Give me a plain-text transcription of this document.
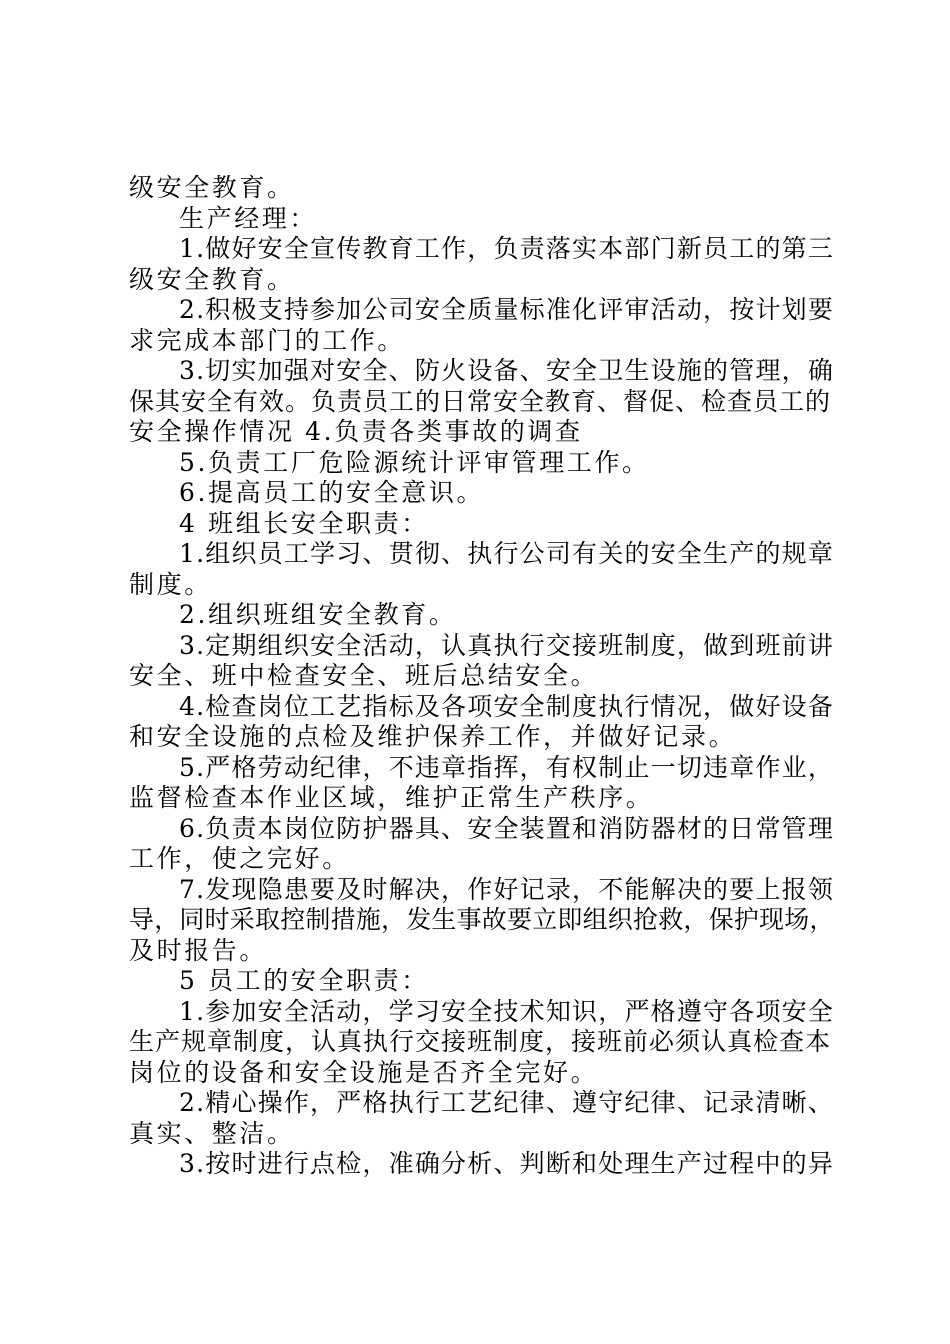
级安全教育。
生产经理：
1.做好安全宣传教育工作，负责落实本部门新员工的第三
级安全教育。
2.积极支持参加公司安全质量标准化评审活动，按计划要
求完成本部门的工作。
3.切实加强对安全、防火设备、安全卫生设施的管理，确
保其安全有效。负责员工的日常安全教育、督促、检查员工的
安全操作情况 4.负责各类事故的调查
5.负责工厂危险源统计评审管理工作。
6.提高员工的安全意识。
4 班组长安全职责：
1.组织员工学习、贯彻、执行公司有关的安全生产的规章
制度。
2.组织班组安全教育。
3.定期组织安全活动，认真执行交接班制度，做到班前讲
安全、班中检查安全、班后总结安全。
4.检查岗位工艺指标及各项安全制度执行情况，做好设备
和安全设施的点检及维护保养工作，并做好记录。
5.严格劳动纪律，不违章指挥，有权制止一切违章作业，
监督检查本作业区域，维护正常生产秩序。
6.负责本岗位防护器具、安全装置和消防器材的日常管理
工作，使之完好。
7.发现隐患要及时解决，作好记录，不能解决的要上报领
导，同时采取控制措施，发生事故要立即组织抢救，保护现场，
及时报告。
5 员工的安全职责：
1.参加安全活动，学习安全技术知识，严格遵守各项安全
生产规章制度，认真执行交接班制度，接班前必须认真检查本
岗位的设备和安全设施是否齐全完好。
2.精心操作，严格执行工艺纪律、遵守纪律、记录清晰、
真实、整洁。
3.按时进行点检，准确分析、判断和处理生产过程中的异
